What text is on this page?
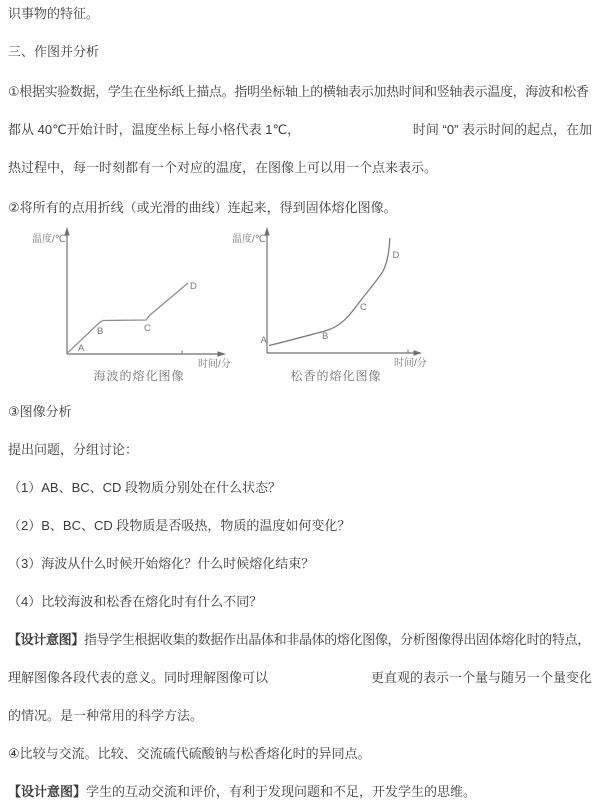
识事物的特征。
三、作图并分析
①根据实验数据，学生在坐标纸上描点。指明坐标轴上的横轴表示加热时间和竖轴表示温度，海波和松香
都从 40℃开始计时，温度坐标上每小格代表 1℃，	时间 “0” 表示时间的起点，在加
热过程中，每一时刻都有一个对应的温度，在图像上可以用一个点来表示。
②将所有的点用折线（或光滑的曲线）连起来，得到固体熔化图像。
温度/℃
时间/分
A
B	C
D
海波的熔化图像
温度/℃
时间/分
A	B
C
D
松香的熔化图像
③图像分析
提出问题，分组讨论：
（1）AB、BC、CD 段物质分别处在什么状态？
（2）B、BC、CD 段物质是否吸热，物质的温度如何变化？
（3）海波从什么时候开始熔化？什么时候熔化结束？
（4）比较海波和松香在熔化时有什么不同？
【设计意图】指导学生根据收集的数据作出晶体和非晶体的熔化图像，分析图像得出固体熔化时的特点，
理解图像各段代表的意义。同时理解图像可以	更直观的表示一个量与随另一个量变化
的情况。是一种常用的科学方法。
④比较与交流。比较、交流硫代硫酸钠与松香熔化时的异同点。
【设计意图】学生的互动交流和评价，有利于发现问题和不足，开发学生的思维。
